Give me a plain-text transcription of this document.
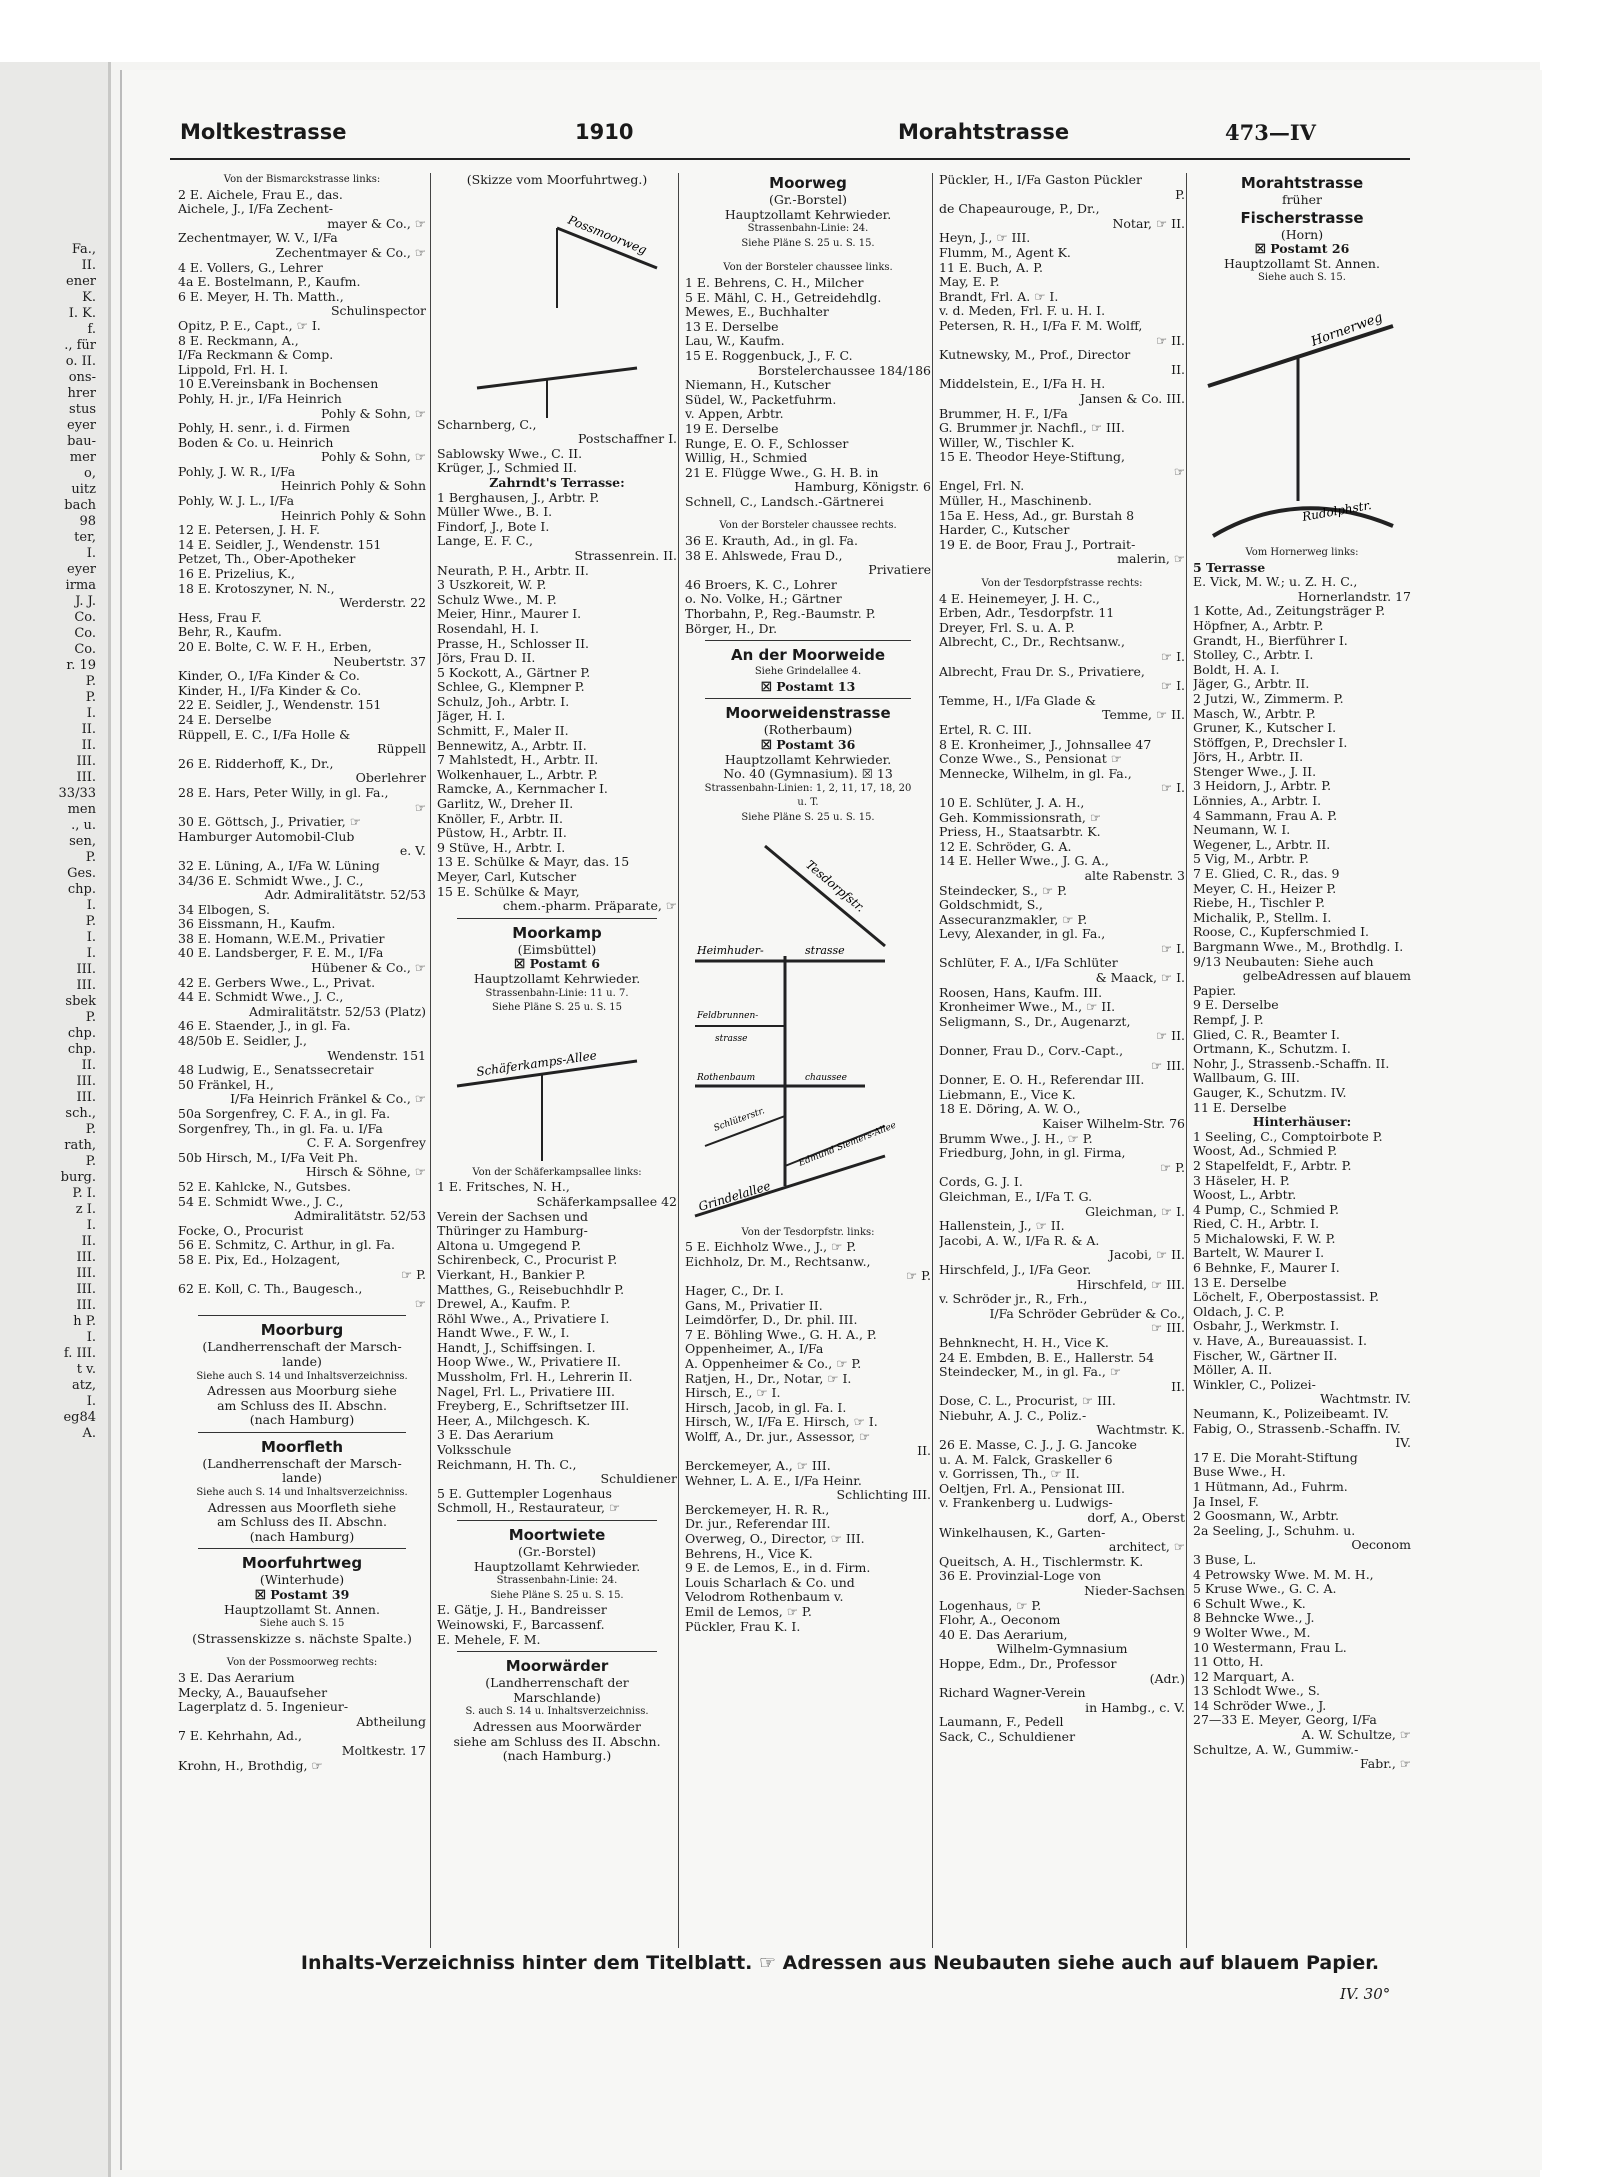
Fa.,
II.
ener
K.
I. K.
f.
., für
o. II.
ons-
hrer
stus
eyer
bau-
mer
o,
uitz
bach
98
ter,
I.
eyer
irma
J. J.
Co.
Co.
Co.
r. 19
P.
P.
I.
II.
II.
III.
III.
33/33
men
., u.
sen,
P.
Ges.
chp.
I.
P.
I.
I.
III.
III.
sbek
P.
chp.
chp.
II.
III.
III.
sch.,
P.
rath,
P.
burg.
P. I.
z I.
I.
II.
III.
III.
III.
III.
h P.
I.
f. III.
t v.
atz,
I.
eg84
A.
Moltkestrasse	1910	Morahtstrasse	473—IV
Von der Bismarckstrasse links:
2 E. Aichele, Frau E., das.
Aichele, J., I/Fa Zechent-
mayer & Co., ☞
Zechentmayer, W. V., I/Fa
Zechentmayer & Co., ☞
4 E. Vollers, G., Lehrer
4a E. Bostelmann, P., Kaufm.
6 E. Meyer, H. Th. Matth.,
Schulinspector
Opitz, P. E., Capt., ☞ I.
8 E. Reckmann, A.,
I/Fa Reckmann & Comp.
Lippold, Frl. H. I.
10 E.Vereinsbank in Bochensen
Pohly, H. jr., I/Fa Heinrich
Pohly & Sohn, ☞
Pohly, H. senr., i. d. Firmen
Boden & Co. u. Heinrich
Pohly & Sohn, ☞
Pohly, J. W. R., I/Fa
Heinrich Pohly & Sohn
Pohly, W. J. L., I/Fa
Heinrich Pohly & Sohn
12 E. Petersen, J. H. F.
14 E. Seidler, J., Wendenstr. 151
Petzet, Th., Ober-Apotheker
16 E. Prizelius, K.,
18 E. Krotoszyner, N. N.,
Werderstr. 22
Hess, Frau F.
Behr, R., Kaufm.
20 E. Bolte, C. W. F. H., Erben,
Neubertstr. 37
Kinder, O., I/Fa Kinder & Co.
Kinder, H., I/Fa Kinder & Co.
22 E. Seidler, J., Wendenstr. 151
24 E. Derselbe
Rüppell, E. C., I/Fa Holle &
Rüppell
26 E. Ridderhoff, K., Dr.,
Oberlehrer
28 E. Hars, Peter Willy, in gl. Fa.,
☞
30 E. Göttsch, J., Privatier, ☞
Hamburger Automobil-Club
e. V.
32 E. Lüning, A., I/Fa W. Lüning
34/36 E. Schmidt Wwe., J. C.,
Adr. Admiralitätstr. 52/53
34 Elbogen, S.
36 Eissmann, H., Kaufm.
38 E. Homann, W.E.M., Privatier
40 E. Landsberger, F. E. M., I/Fa
Hübener & Co., ☞
42 E. Gerbers Wwe., L., Privat.
44 E. Schmidt Wwe., J. C.,
Admiralitätstr. 52/53 (Platz)
46 E. Staender, J., in gl. Fa.
48/50b E. Seidler, J.,
Wendenstr. 151
48 Ludwig, E., Senatssecretair
50 Fränkel, H.,
I/Fa Heinrich Fränkel & Co., ☞
50a Sorgenfrey, C. F. A., in gl. Fa.
Sorgenfrey, Th., in gl. Fa. u. I/Fa
C. F. A. Sorgenfrey
50b Hirsch, M., I/Fa Veit Ph.
Hirsch & Söhne, ☞
52 E. Kahlcke, N., Gutsbes.
54 E. Schmidt Wwe., J. C.,
Admiralitätstr. 52/53
Focke, O., Procurist
56 E. Schmitz, C. Arthur, in gl. Fa.
58 E. Pix, Ed., Holzagent,
☞ P.
62 E. Koll, C. Th., Baugesch.,
☞
Moorburg
(Landherrenschaft der Marsch-
lande)
Siehe auch S. 14 und Inhaltsverzeichniss.
Adressen aus Moorburg siehe
am Schluss des II. Abschn.
(nach Hamburg)
Moorfleth
(Landherrenschaft der Marsch-
lande)
Siehe auch S. 14 und Inhaltsverzeichniss.
Adressen aus Moorfleth siehe
am Schluss des II. Abschn.
(nach Hamburg)
Moorfuhrtweg
(Winterhude)
☒ Postamt 39
Hauptzollamt St. Annen.
Siehe auch S. 15
(Strassenskizze s. nächste Spalte.)
Von der Possmoorweg rechts:
3 E. Das Aerarium
Mecky, A., Bauaufseher
Lagerplatz d. 5. Ingenieur-
Abtheilung
7 E. Kehrhahn, Ad.,
Moltkestr. 17
Krohn, H., Brothdig, ☞
(Skizze vom Moorfuhrtweg.)
Possmoorweg
Scharnberg, C.,
Postschaffner I.
Sablowsky Wwe., C. II.
Krüger, J., Schmied II.
Zahrndt's Terrasse:
1 Berghausen, J., Arbtr. P.
Müller Wwe., B. I.
Findorf, J., Bote I.
Lange, E. F. C.,
Strassenrein. II.
Neurath, P. H., Arbtr. II.
3 Uszkoreit, W. P.
Schulz Wwe., M. P.
Meier, Hinr., Maurer I.
Rosendahl, H. I.
Prasse, H., Schlosser II.
Jörs, Frau D. II.
5 Kockott, A., Gärtner P.
Schlee, G., Klempner P.
Schulz, Joh., Arbtr. I.
Jäger, H. I.
Schmitt, F., Maler II.
Bennewitz, A., Arbtr. II.
7 Mahlstedt, H., Arbtr. II.
Wolkenhauer, L., Arbtr. P.
Ramcke, A., Kernmacher I.
Garlitz, W., Dreher II.
Knöller, F., Arbtr. II.
Püstow, H., Arbtr. II.
9 Stüve, H., Arbtr. I.
13 E. Schülke & Mayr, das. 15
Meyer, Carl, Kutscher
15 E. Schülke & Mayr,
chem.-pharm. Präparate, ☞
Moorkamp
(Eimsbüttel)
☒ Postamt 6
Hauptzollamt Kehrwieder.
Strassenbahn-Linie: 11 u. 7.
Siehe Pläne S. 25 u. S. 15
Schäferkamps-Allee
Von der Schäferkampsallee links:
1 E. Fritsches, N. H.,
Schäferkampsallee 42
Verein der Sachsen und
Thüringer zu Hamburg-
Altona u. Umgegend P.
Schirenbeck, C., Procurist P.
Vierkant, H., Bankier P.
Matthes, G., Reisebuchhdlr P.
Drewel, A., Kaufm. P.
Röhl Wwe., A., Privatiere I.
Handt Wwe., F. W., I.
Handt, J., Schiffsingen. I.
Hoop Wwe., W., Privatiere II.
Mussholm, Frl. H., Lehrerin II.
Nagel, Frl. L., Privatiere III.
Freyberg, E., Schriftsetzer III.
Heer, A., Milchgesch. K.
3 E. Das Aerarium
Volksschule
Reichmann, H. Th. C.,
Schuldiener
5 E. Guttempler Logenhaus
Schmoll, H., Restaurateur, ☞
Moortwiete
(Gr.-Borstel)
Hauptzollamt Kehrwieder.
Strassenbahn-Linie: 24.
Siehe Pläne S. 25 u. S. 15.
E. Gätje, J. H., Bandreisser
Weinowski, F., Barcassenf.
E. Mehele, F. M.
Moorwärder
(Landherrenschaft der
Marschlande)
S. auch S. 14 u. Inhaltsverzeichniss.
Adressen aus Moorwärder
siehe am Schluss des II. Abschn.
(nach Hamburg.)
Moorweg
(Gr.-Borstel)
Hauptzollamt Kehrwieder.
Strassenbahn-Linie: 24.
Siehe Pläne S. 25 u. S. 15.
Von der Borsteler chaussee links.
1 E. Behrens, C. H., Milcher
5 E. Mähl, C. H., Getreidehdlg.
Mewes, E., Buchhalter
13 E. Derselbe
Lau, W., Kaufm.
15 E. Roggenbuck, J., F. C.
Borstelerchaussee 184/186
Niemann, H., Kutscher
Südel, W., Packetfuhrm.
v. Appen, Arbtr.
19 E. Derselbe
Runge, E. O. F., Schlosser
Willig, H., Schmied
21 E. Flügge Wwe., G. H. B. in
Hamburg, Königstr. 6
Schnell, C., Landsch.-Gärtnerei
Von der Borsteler chaussee rechts.
36 E. Krauth, Ad., in gl. Fa.
38 E. Ahlswede, Frau D.,
Privatiere
46 Broers, K. C., Lohrer
o. No. Volke, H.; Gärtner
Thorbahn, P., Reg.-Baumstr. P.
Börger, H., Dr.
An der Moorweide
Siehe Grindelallee 4.
☒ Postamt 13
Moorweidenstrasse
(Rotherbaum)
☒ Postamt 36
Hauptzollamt Kehrwieder.
No. 40 (Gymnasium). ☒ 13
Strassenbahn-Linien: 1, 2, 11, 17, 18, 20
u. T.
Siehe Pläne S. 25 u. S. 15.
Tesdorpfstr.
Heimhuder-	strasse
Feldbrunnen-
strasse
Rothenbaum	chaussee
Schlüterstr.
Grindelallee
Edmund Siemers-Allee
Von der Tesdorpfstr. links:
5 E. Eichholz Wwe., J., ☞ P.
Eichholz, Dr. M., Rechtsanw.,
☞ P.
Hager, C., Dr. I.
Gans, M., Privatier II.
Leimdörfer, D., Dr. phil. III.
7 E. Böhling Wwe., G. H. A., P.
Oppenheimer, A., I/Fa
A. Oppenheimer & Co., ☞ P.
Ratjen, H., Dr., Notar, ☞ I.
Hirsch, E., ☞ I.
Hirsch, Jacob, in gl. Fa. I.
Hirsch, W., I/Fa E. Hirsch, ☞ I.
Wolff, A., Dr. jur., Assessor, ☞
II.
Berckemeyer, A., ☞ III.
Wehner, L. A. E., I/Fa Heinr.
Schlichting III.
Berckemeyer, H. R. R.,
Dr. jur., Referendar III.
Overweg, O., Director, ☞ III.
Behrens, H., Vice K.
9 E. de Lemos, E., in d. Firm.
Louis Scharlach & Co. und
Velodrom Rothenbaum v.
Emil de Lemos, ☞ P.
Pückler, Frau K. I.
Pückler, H., I/Fa Gaston Pückler
P.
de Chapeaurouge, P., Dr.,
Notar, ☞ II.
Heyn, J., ☞ III.
Flumm, M., Agent K.
11 E. Buch, A. P.
May, E. P.
Brandt, Frl. A. ☞ I.
v. d. Meden, Frl. F. u. H. I.
Petersen, R. H., I/Fa F. M. Wolff,
☞ II.
Kutnewsky, M., Prof., Director
II.
Middelstein, E., I/Fa H. H.
Jansen & Co. III.
Brummer, H. F., I/Fa
G. Brummer jr. Nachfl., ☞ III.
Willer, W., Tischler K.
15 E. Theodor Heye-Stiftung,
☞
Engel, Frl. N.
Müller, H., Maschinenb.
15a E. Hess, Ad., gr. Burstah 8
Harder, C., Kutscher
19 E. de Boor, Frau J., Portrait-
malerin, ☞
Von der Tesdorpfstrasse rechts:
4 E. Heinemeyer, J. H. C.,
Erben, Adr., Tesdorpfstr. 11
Dreyer, Frl. S. u. A. P.
Albrecht, C., Dr., Rechtsanw.,
☞ I.
Albrecht, Frau Dr. S., Privatiere,
☞ I.
Temme, H., I/Fa Glade &
Temme, ☞ II.
Ertel, R. C. III.
8 E. Kronheimer, J., Johnsallee 47
Conze Wwe., S., Pensionat ☞
Mennecke, Wilhelm, in gl. Fa.,
☞ I.
10 E. Schlüter, J. A. H.,
Geh. Kommissionsrath, ☞
Priess, H., Staatsarbtr. K.
12 E. Schröder, G. A.
14 E. Heller Wwe., J. G. A.,
alte Rabenstr. 3
Steindecker, S., ☞ P.
Goldschmidt, S.,
Assecuranzmakler, ☞ P.
Levy, Alexander, in gl. Fa.,
☞ I.
Schlüter, F. A., I/Fa Schlüter
& Maack, ☞ I.
Roosen, Hans, Kaufm. III.
Kronheimer Wwe., M., ☞ II.
Seligmann, S., Dr., Augenarzt,
☞ II.
Donner, Frau D., Corv.-Capt.,
☞ III.
Donner, E. O. H., Referendar III.
Liebmann, E., Vice K.
18 E. Döring, A. W. O.,
Kaiser Wilhelm-Str. 76
Brumm Wwe., J. H., ☞ P.
Friedburg, John, in gl. Firma,
☞ P.
Cords, G. J. I.
Gleichman, E., I/Fa T. G.
Gleichman, ☞ I.
Hallenstein, J., ☞ II.
Jacobi, A. W., I/Fa R. & A.
Jacobi, ☞ II.
Hirschfeld, J., I/Fa Geor.
Hirschfeld, ☞ III.
v. Schröder jr., R., Frh.,
I/Fa Schröder Gebrüder & Co.,
☞ III.
Behnknecht, H. H., Vice K.
24 E. Embden, B. E., Hallerstr. 54
Steindecker, M., in gl. Fa., ☞
II.
Dose, C. L., Procurist, ☞ III.
Niebuhr, A. J. C., Poliz.-
Wachtmstr. K.
26 E. Masse, C. J., J. G. Jancoke
u. A. M. Falck, Graskeller 6
v. Gorrissen, Th., ☞ II.
Oeltjen, Frl. A., Pensionat III.
v. Frankenberg u. Ludwigs-
dorf, A., Oberst
Winkelhausen, K., Garten-
architect, ☞
Queitsch, A. H., Tischlermstr. K.
36 E. Provinzial-Loge von
Nieder-Sachsen
Logenhaus, ☞ P.
Flohr, A., Oeconom
40 E. Das Aerarium,
Wilhelm-Gymnasium
Hoppe, Edm., Dr., Professor
(Adr.)
Richard Wagner-Verein
in Hambg., c. V.
Laumann, F., Pedell
Sack, C., Schuldiener
Morahtstrasse
früher
Fischerstrasse
(Horn)
☒ Postamt 26
Hauptzollamt St. Annen.
Siehe auch S. 15.
Hornerweg
Rudolphstr.
Vom Hornerweg links:
5 Terrasse
E. Vick, M. W.; u. Z. H. C.,
Hornerlandstr. 17
1 Kotte, Ad., Zeitungsträger P.
Höpfner, A., Arbtr. P.
Grandt, H., Bierführer I.
Stolley, C., Arbtr. I.
Boldt, H. A. I.
Jäger, G., Arbtr. II.
2 Jutzi, W., Zimmerm. P.
Masch, W., Arbtr. P.
Gruner, K., Kutscher I.
Stöffgen, P., Drechsler I.
Jörs, H., Arbtr. II.
Stenger Wwe., J. II.
3 Heidorn, J., Arbtr. P.
Lönnies, A., Arbtr. I.
4 Sammann, Frau A. P.
Neumann, W. I.
Wegener, L., Arbtr. II.
5 Vig, M., Arbtr. P.
7 E. Glied, C. R., das. 9
Meyer, C. H., Heizer P.
Riebe, H., Tischler P.
Michalik, P., Stellm. I.
Roose, C., Kupferschmied I.
Bargmann Wwe., M., Brothdlg. I.
9/13 Neubauten: Siehe auch
gelbeAdressen auf blauem
Papier.
9 E. Derselbe
Rempf, J. P.
Glied, C. R., Beamter I.
Ortmann, K., Schutzm. I.
Nohr, J., Strassenb.-Schaffn. II.
Wallbaum, G. III.
Gauger, K., Schutzm. IV.
11 E. Derselbe
Hinterhäuser:
1 Seeling, C., Comptoirbote P.
Woost, Ad., Schmied P.
2 Stapelfeldt, F., Arbtr. P.
3 Häseler, H. P.
Woost, L., Arbtr.
4 Pump, C., Schmied P.
Ried, C. H., Arbtr. I.
5 Michalowski, F. W. P.
Bartelt, W. Maurer I.
6 Behnke, F., Maurer I.
13 E. Derselbe
Löchelt, F., Oberpostassist. P.
Oldach, J. C. P.
Osbahr, J., Werkmstr. I.
v. Have, A., Bureauassist. I.
Fischer, W., Gärtner II.
Möller, A. II.
Winkler, C., Polizei-
Wachtmstr. IV.
Neumann, K., Polizeibeamt. IV.
Fabig, O., Strassenb.-Schaffn. IV.
IV.
17 E. Die Moraht-Stiftung
Buse Wwe., H.
1 Hütmann, Ad., Fuhrm.
Ja Insel, F.
2 Goosmann, W., Arbtr.
2a Seeling, J., Schuhm. u.
Oeconom
3 Buse, L.
4 Petrowsky Wwe. M. M. H.,
5 Kruse Wwe., G. C. A.
6 Schult Wwe., K.
8 Behncke Wwe., J.
9 Wolter Wwe., M.
10 Westermann, Frau L.
11 Otto, H.
12 Marquart, A.
13 Schlodt Wwe., S.
14 Schröder Wwe., J.
27—33 E. Meyer, Georg, I/Fa
A. W. Schultze, ☞
Schultze, A. W., Gummiw.-
Fabr., ☞
Inhalts-Verzeichniss hinter dem Titelblatt. ☞ Adressen aus Neubauten siehe auch auf blauem Papier.
IV. 30°
